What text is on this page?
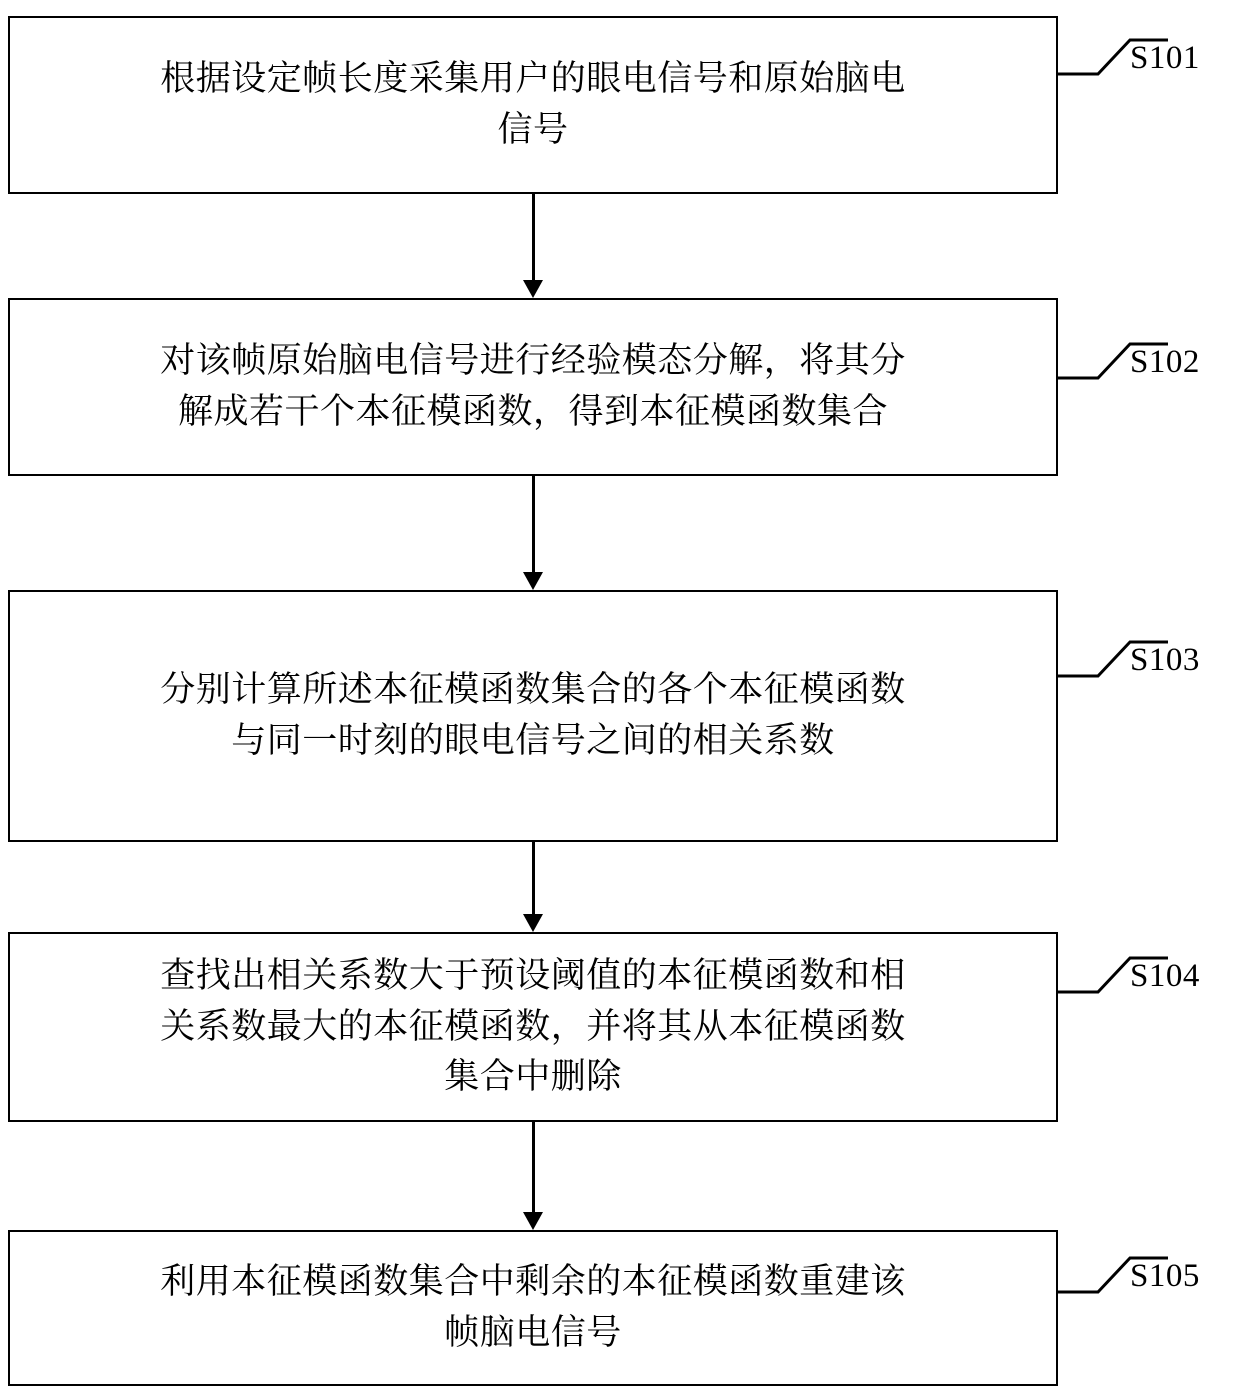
根据设定帧长度采集用户的眼电信号和原始脑电
信号
S101
对该帧原始脑电信号进行经验模态分解，将其分
解成若干个本征模函数，得到本征模函数集合
S102
分别计算所述本征模函数集合的各个本征模函数
与同一时刻的眼电信号之间的相关系数
S103
查找出相关系数大于预设阈值的本征模函数和相
关系数最大的本征模函数，并将其从本征模函数
集合中删除
S104
利用本征模函数集合中剩余的本征模函数重建该
帧脑电信号
S105
